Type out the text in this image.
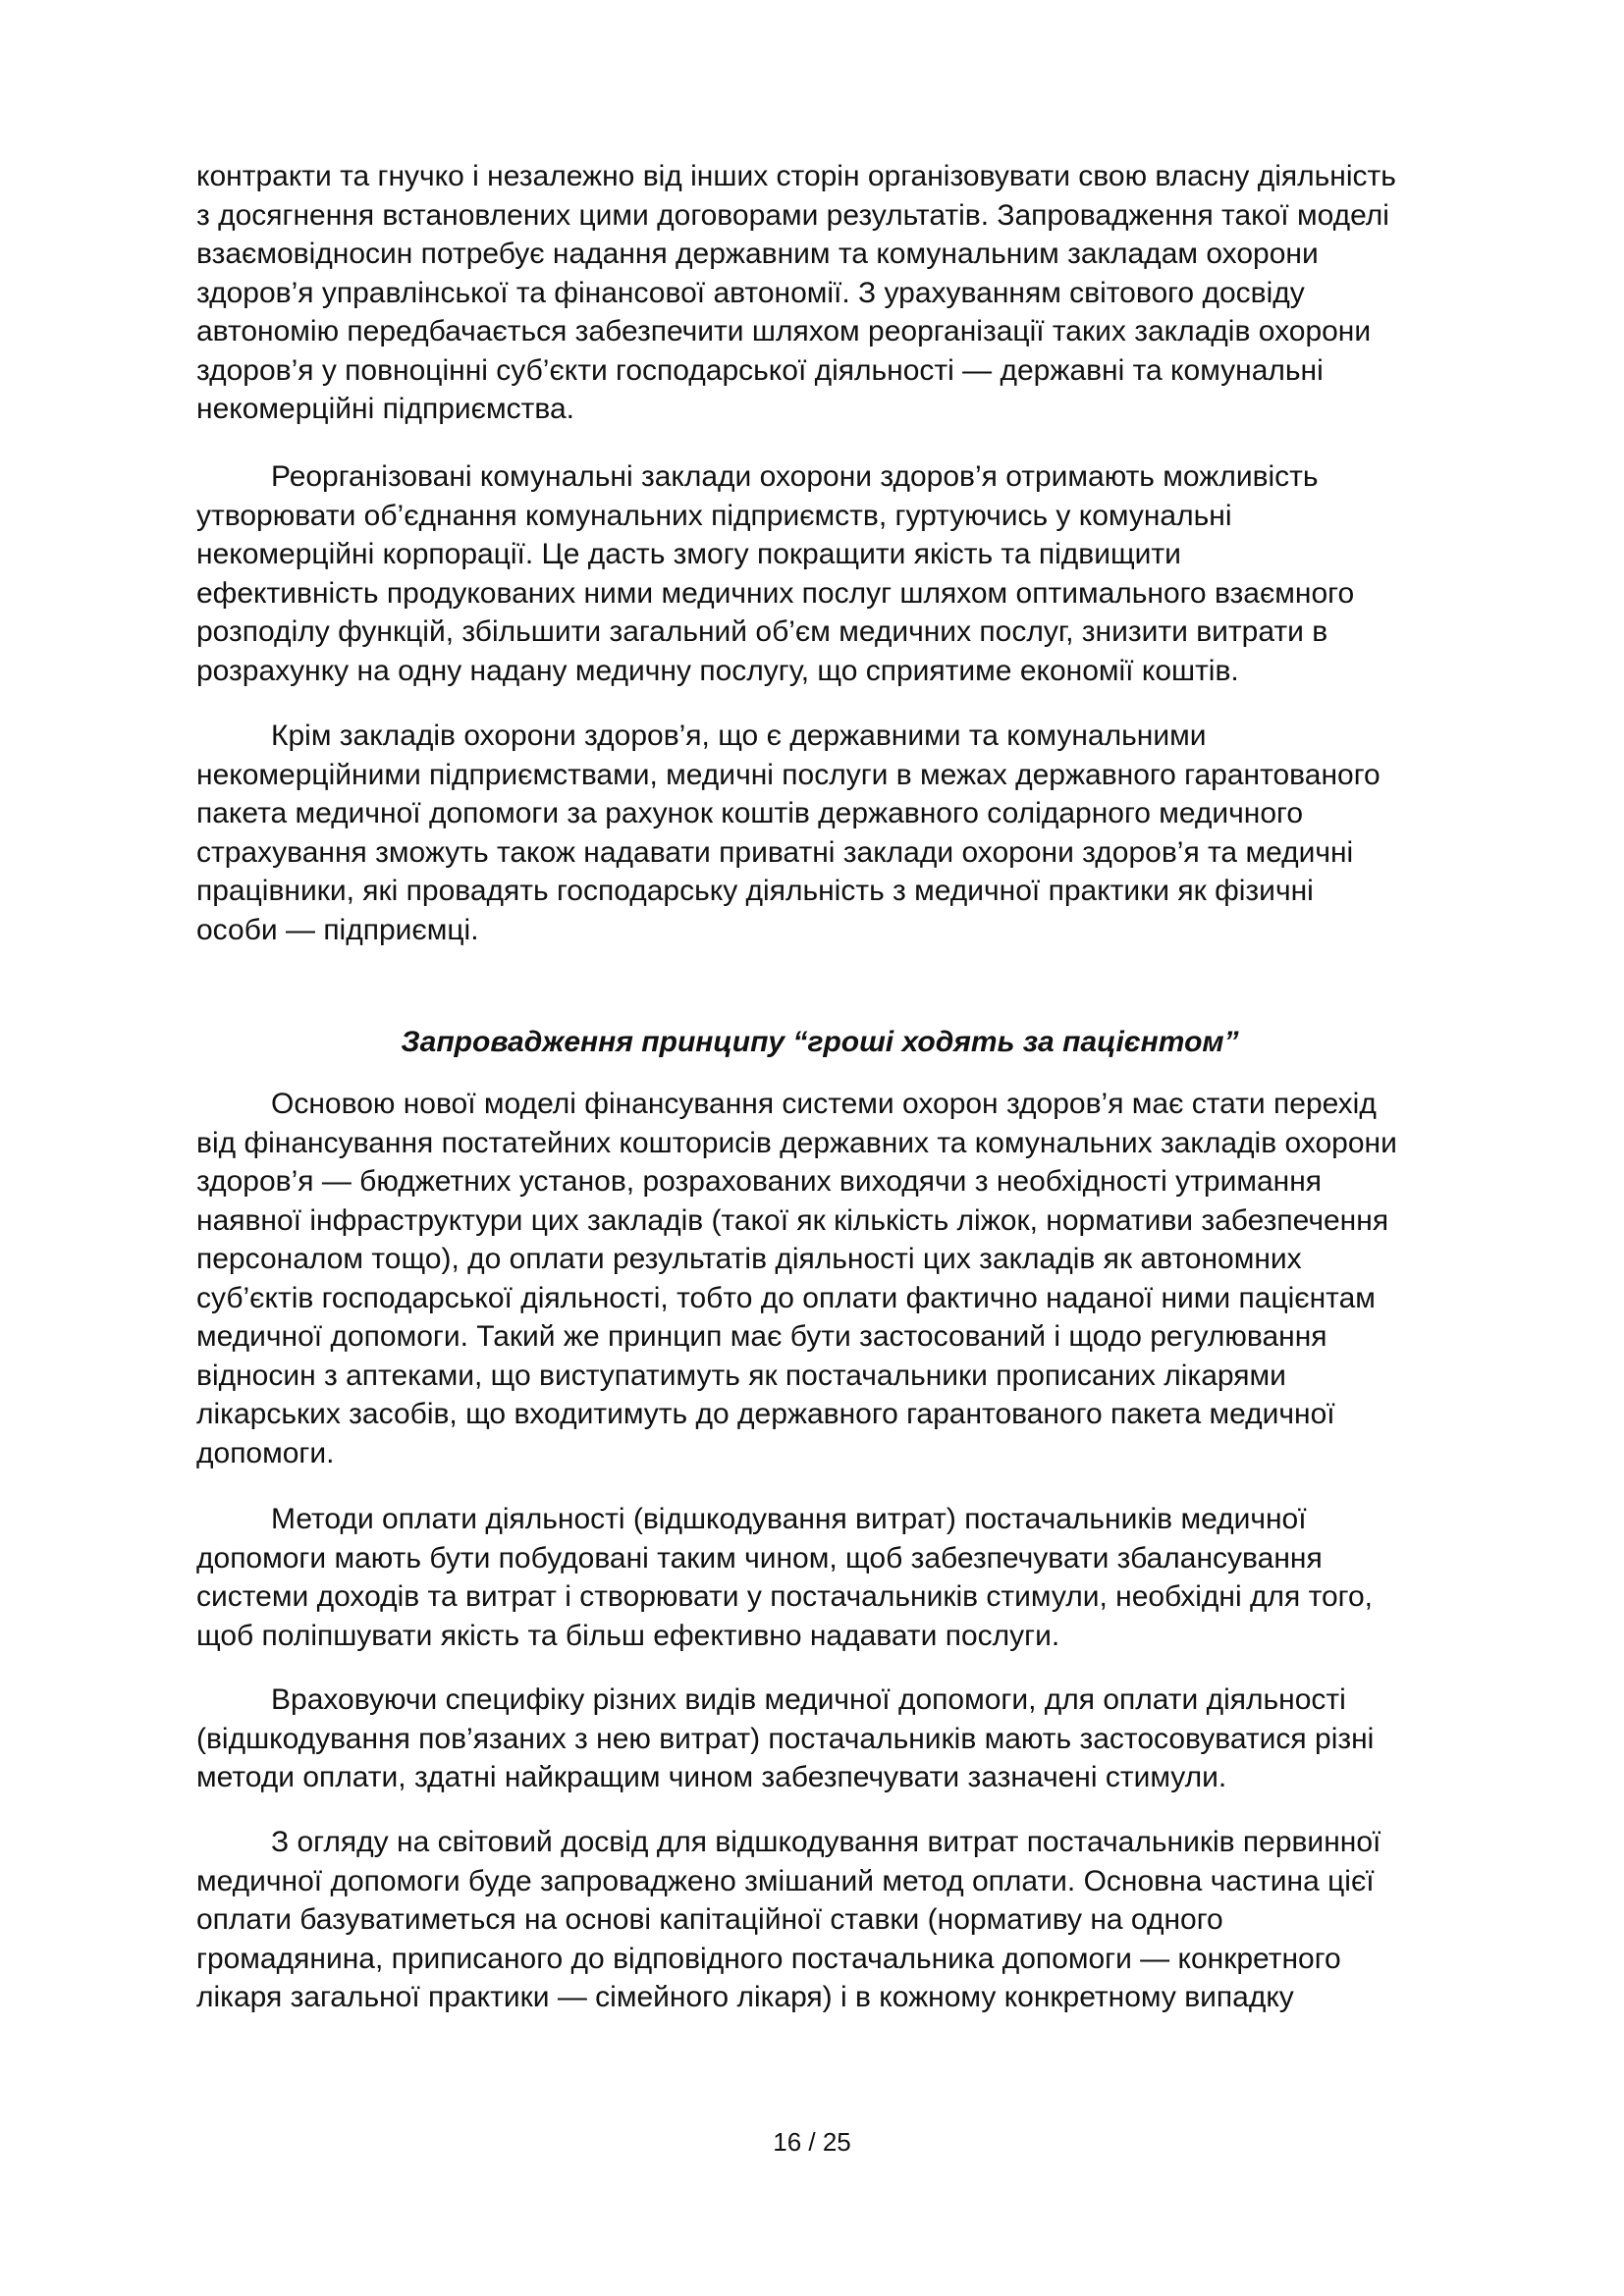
контракти та гнучко і незалежно від інших сторін організовувати свою власну діяльність
з досягнення встановлених цими договорами результатів. Запровадження такої моделі
взаємовідносин потребує надання державним та комунальним закладам охорони
здоров’я управлінської та фінансової автономії. З урахуванням світового досвіду
автономію передбачається забезпечити шляхом реорганізації таких закладів охорони
здоров’я у повноцінні суб’єкти господарської діяльності — державні та комунальні
некомерційні підприємства.

Реорганізовані комунальні заклади охорони здоров’я отримають можливість
утворювати об’єднання комунальних підприємств, гуртуючись у комунальні
некомерційні корпорації. Це дасть змогу покращити якість та підвищити
ефективність продукованих ними медичних послуг шляхом оптимального взаємного
розподілу функцій, збільшити загальний об’єм медичних послуг, знизити витрати в
розрахунку на одну надану медичну послугу, що сприятиме економії коштів.

Крім закладів охорони здоров’я, що є державними та комунальними
некомерційними підприємствами, медичні послуги в межах державного гарантованого
пакета медичної допомоги за рахунок коштів державного солідарного медичного
страхування зможуть також надавати приватні заклади охорони здоров’я та медичні
працівники, які провадять господарську діяльність з медичної практики як фізичні
особи — підприємці.

Запровадження принципу “гроші ходять за пацієнтом”

Основою нової моделі фінансування системи охорон здоров’я має стати перехід
від фінансування постатейних кошторисів державних та комунальних закладів охорони
здоров’я — бюджетних установ, розрахованих виходячи з необхідності утримання
наявної інфраструктури цих закладів (такої як кількість ліжок, нормативи забезпечення
персоналом тощо), до оплати результатів діяльності цих закладів як автономних
суб’єктів господарської діяльності, тобто до оплати фактично наданої ними пацієнтам
медичної допомоги. Такий же принцип має бути застосований і щодо регулювання
відносин з аптеками, що виступатимуть як постачальники прописаних лікарями
лікарських засобів, що входитимуть до державного гарантованого пакета медичної
допомоги.

Методи оплати діяльності (відшкодування витрат) постачальників медичної
допомоги мають бути побудовані таким чином, щоб забезпечувати збалансування
системи доходів та витрат і створювати у постачальників стимули, необхідні для того,
щоб поліпшувати якість та більш ефективно надавати послуги.

Враховуючи специфіку різних видів медичної допомоги, для оплати діяльності
(відшкодування пов’язаних з нею витрат) постачальників мають застосовуватися різні
методи оплати, здатні найкращим чином забезпечувати зазначені стимули.

З огляду на світовий досвід для відшкодування витрат постачальників первинної
медичної допомоги буде запроваджено змішаний метод оплати. Основна частина цієї
оплати базуватиметься на основі капітаційної ставки (нормативу на одного
громадянина, приписаного до відповідного постачальника допомоги — конкретного
лікаря загальної практики — сімейного лікаря) і в кожному конкретному випадку

16 / 25
